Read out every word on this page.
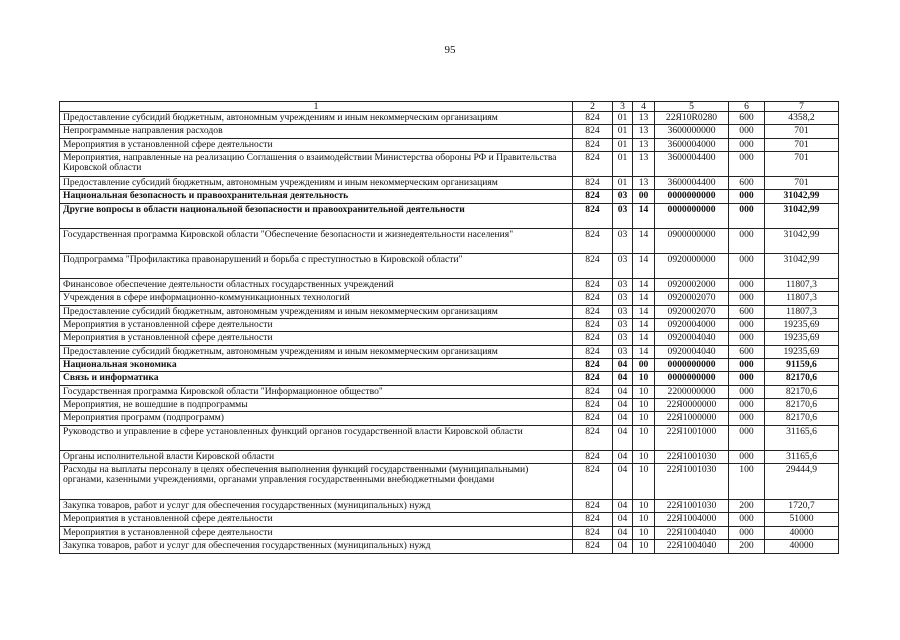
95
1	2	3	4	5	6	7
Предоставление субсидий бюджетным, автономным учреждениям и иным некоммерческим организациям	824	01	13	22Я10R0280	600	4358,2
Непрограммные направления расходов	824	01	13	3600000000	000	701
Мероприятия в установленной сфере деятельности	824	01	13	3600004000	000	701
Мероприятия, направленные на реализацию Соглашения о взаимодействии Министерства обороны РФ и Правительства Кировской области	824	01	13	3600004400	000	701
Предоставление субсидий бюджетным, автономным учреждениям и иным некоммерческим организациям	824	01	13	3600004400	600	701
Национальная безопасность и правоохранительная деятельность	824	03	00	0000000000	000	31042,99
Другие вопросы в области национальной безопасности и правоохранительной деятельности	824	03	14	0000000000	000	31042,99
Государственная программа Кировской области "Обеспечение безопасности и жизнедеятельности населения"	824	03	14	0900000000	000	31042,99
Подпрограмма "Профилактика правонарушений и борьба с преступностью в Кировской области"	824	03	14	0920000000	000	31042,99
Финансовое обеспечение деятельности областных государственных учреждений	824	03	14	0920002000	000	11807,3
Учреждения в сфере информационно-коммуникационных технологий	824	03	14	0920002070	000	11807,3
Предоставление субсидий бюджетным, автономным учреждениям и иным некоммерческим организациям	824	03	14	0920002070	600	11807,3
Мероприятия в установленной сфере деятельности	824	03	14	0920004000	000	19235,69
Мероприятия в установленной сфере деятельности	824	03	14	0920004040	000	19235,69
Предоставление субсидий бюджетным, автономным учреждениям и иным некоммерческим организациям	824	03	14	0920004040	600	19235,69
Национальная экономика	824	04	00	0000000000	000	91159,6
Связь и информатика	824	04	10	0000000000	000	82170,6
Государственная программа Кировской области "Информационное общество"	824	04	10	2200000000	000	82170,6
Мероприятия, не вошедшие в подпрограммы	824	04	10	22Я0000000	000	82170,6
Мероприятия программ (подпрограмм)	824	04	10	22Я1000000	000	82170,6
Руководство и управление в сфере установленных функций органов государственной власти Кировской области	824	04	10	22Я1001000	000	31165,6
Органы исполнительной власти Кировской области	824	04	10	22Я1001030	000	31165,6
Расходы на выплаты персоналу в целях обеспечения выполнения функций государственными (муниципальными) органами, казенными учреждениями, органами управления государственными внебюджетными фондами	824	04	10	22Я1001030	100	29444,9
Закупка товаров, работ и услуг для обеспечения государственных (муниципальных) нужд	824	04	10	22Я1001030	200	1720,7
Мероприятия в установленной сфере деятельности	824	04	10	22Я1004000	000	51000
Мероприятия в установленной сфере деятельности	824	04	10	22Я1004040	000	40000
Закупка товаров, работ и услуг для обеспечения государственных (муниципальных) нужд	824	04	10	22Я1004040	200	40000
